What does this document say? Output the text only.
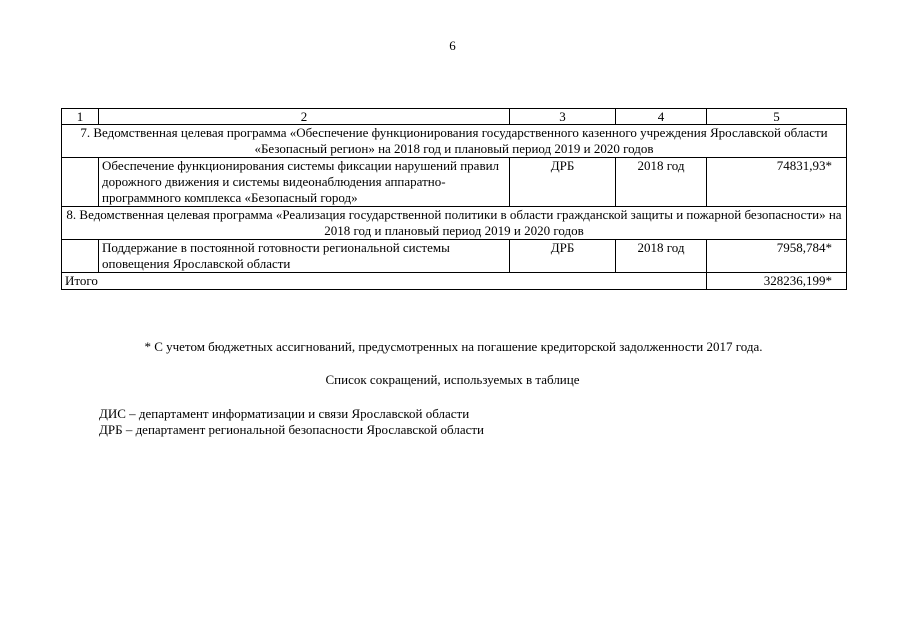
6
1	2	3	4	5
7. Ведомственная целевая программа «Обеспечение функционирования государственного казенного учреждения Ярославской области «Безопасный регион» на 2018 год и плановый период 2019 и 2020 годов				
	Обеспечение функционирования системы фиксации нарушений правил дорожного движения и системы видеонаблюдения аппаратно-программного комплекса «Безопасный город»	ДРБ	2018 год	74831,93*
8. Ведомственная целевая программа «Реализация государственной политики в области гражданской защиты и пожарной безопасности» на 2018 год и плановый период 2019 и 2020 годов				
	Поддержание в постоянной готовности региональной системы оповещения Ярославской области	ДРБ	2018 год	7958,784*
Итого				328236,199*
* С учетом бюджетных ассигнований, предусмотренных на погашение кредиторской задолженности 2017 года.
Список сокращений, используемых в таблице
ДИС – департамент информатизации и связи Ярославской области
ДРБ – департамент региональной безопасности Ярославской области
